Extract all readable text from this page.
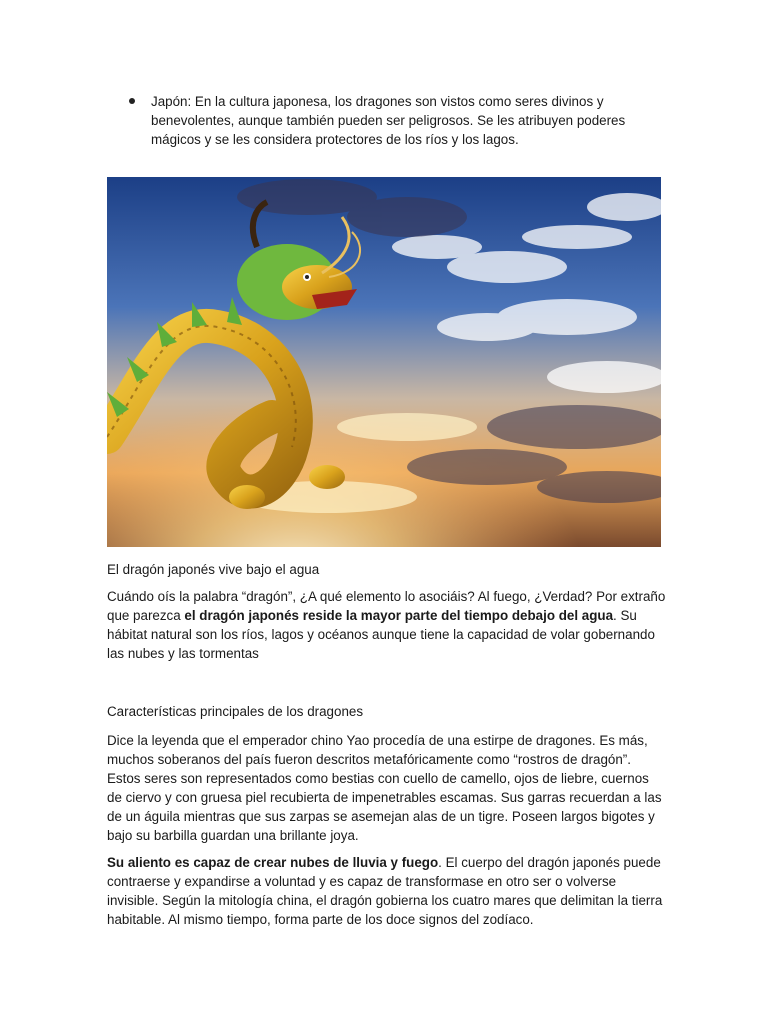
Japón: En la cultura japonesa, los dragones son vistos como seres divinos y benevolentes, aunque también pueden ser peligrosos. Se les atribuyen poderes mágicos y se les considera protectores de los ríos y los lagos.

El dragón japonés vive bajo el agua

Cuándo oís la palabra “dragón”, ¿A qué elemento lo asociáis? Al fuego, ¿Verdad? Por extraño que parezca el dragón japonés reside la mayor parte del tiempo debajo del agua. Su hábitat natural son los ríos, lagos y océanos aunque tiene la capacidad de volar gobernando las nubes y las tormentas

Características principales de los dragones

Dice la leyenda que el emperador chino Yao procedía de una estirpe de dragones. Es más, muchos soberanos del país fueron descritos metafóricamente como “rostros de dragón”. Estos seres son representados como bestias con cuello de camello, ojos de liebre, cuernos de ciervo y con gruesa piel recubierta de impenetrables escamas. Sus garras recuerdan a las de un águila mientras que sus zarpas se asemejan alas de un tigre. Poseen largos bigotes y bajo su barbilla guardan una brillante joya.

Su aliento es capaz de crear nubes de lluvia y fuego. El cuerpo del dragón japonés puede contraerse y expandirse a voluntad y es capaz de transformase en otro ser o volverse invisible. Según la mitología china, el dragón gobierna los cuatro mares que delimitan la tierra habitable. Al mismo tiempo, forma parte de los doce signos del zodíaco.
